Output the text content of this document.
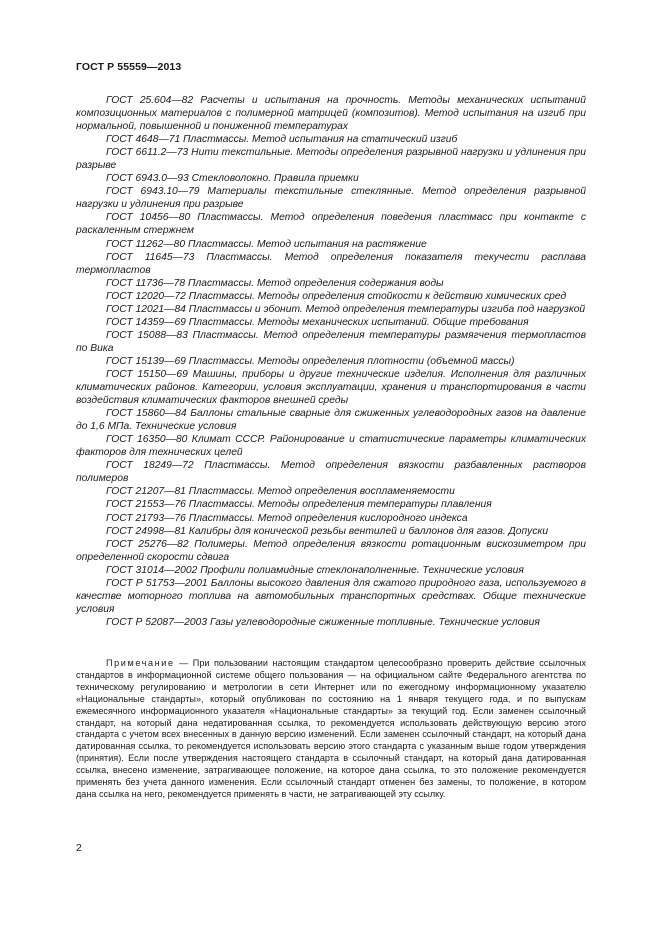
ГОСТ Р 55559—2013

ГОСТ 25.604—82 Расчеты и испытания на прочность. Методы механических испытаний композиционных материалов с полимерной матрицей (композитов). Метод испытания на изгиб при нормальной, повышенной и пониженной температурах

ГОСТ 4648—71 Пластмассы. Метод испытания на статический изгиб

ГОСТ 6611.2—73 Нити текстильные. Методы определения разрывной нагрузки и удлинения при разрыве

ГОСТ 6943.0—93 Стекловолокно. Правила приемки

ГОСТ 6943.10—79 Материалы текстильные стеклянные. Метод определения разрывной нагрузки и удлинения при разрыве

ГОСТ 10456—80 Пластмассы. Метод определения поведения пластмасс при контакте с раскаленным стержнем

ГОСТ 11262—80 Пластмассы. Метод испытания на растяжение

ГОСТ 11645—73 Пластмассы. Метод определения показателя текучести расплава термопластов

ГОСТ 11736—78 Пластмассы. Метод определения содержания воды

ГОСТ 12020—72 Пластмассы. Методы определения стойкости к действию химических сред

ГОСТ 12021—84 Пластмассы и эбонит. Метод определения температуры изгиба под нагрузкой

ГОСТ 14359—69 Пластмассы. Методы механических испытаний. Общие требования

ГОСТ 15088—83 Пластмассы. Метод определения температуры размягчения термопластов по Вика

ГОСТ 15139—69 Пластмассы. Методы определения плотности (объемной массы)

ГОСТ 15150—69 Машины, приборы и другие технические изделия. Исполнения для различных климатических районов. Категории, условия эксплуатации, хранения и транспортирования в части воздействия климатических факторов внешней среды

ГОСТ 15860—84 Баллоны стальные сварные для сжиженных углеводородных газов на давление до 1,6 МПа. Технические условия

ГОСТ 16350—80 Климат СССР. Районирование и статистические параметры климатических факторов для технических целей

ГОСТ 18249—72 Пластмассы. Метод определения вязкости разбавленных растворов полимеров

ГОСТ 21207—81 Пластмассы. Метод определения воспламеняемости

ГОСТ 21553—76 Пластмассы. Методы определения температуры плавления

ГОСТ 21793—76 Пластмассы. Метод определения кислородного индекса

ГОСТ 24998—81 Калибры для конической резьбы вентилей и баллонов для газов. Допуски

ГОСТ 25276—82 Полимеры. Метод определения вязкости ротационным вискозиметром при определенной скорости сдвига

ГОСТ 31014—2002 Профили полиамидные стеклонаполненные. Технические условия

ГОСТ Р 51753—2001 Баллоны высокого давления для сжатого природного газа, используемого в качестве моторного топлива на автомобильных транспортных средствах. Общие технические условия

ГОСТ Р 52087—2003 Газы углеводородные сжиженные топливные. Технические условия

Примечание — При пользовании настоящим стандартом целесообразно проверить действие ссылочных стандартов в информационной системе общего пользования — на официальном сайте Федерального агентства по техническому регулированию и метрологии в сети Интернет или по ежегодному информационному указателю «Национальные стандарты», который опубликован по состоянию на 1 января текущего года, и по выпускам ежемесячного информационного указателя «Национальные стандарты» за текущий год. Если заменен ссылочный стандарт, на который дана недатированная ссылка, то рекомендуется использовать действующую версию этого стандарта с учетом всех внесенных в данную версию изменений. Если заменен ссылочный стандарт, на который дана датированная ссылка, то рекомендуется использовать версию этого стандарта с указанным выше годом утверждения (принятия). Если после утверждения настоящего стандарта в ссылочный стандарт, на который дана датированная ссылка, внесено изменение, затрагивающее положение, на которое дана ссылка, то это положение рекомендуется применять без учета данного изменения. Если ссылочный стандарт отменен без замены, то положение, в котором дана ссылка на него, рекомендуется применять в части, не затрагивающей эту ссылку.

2
